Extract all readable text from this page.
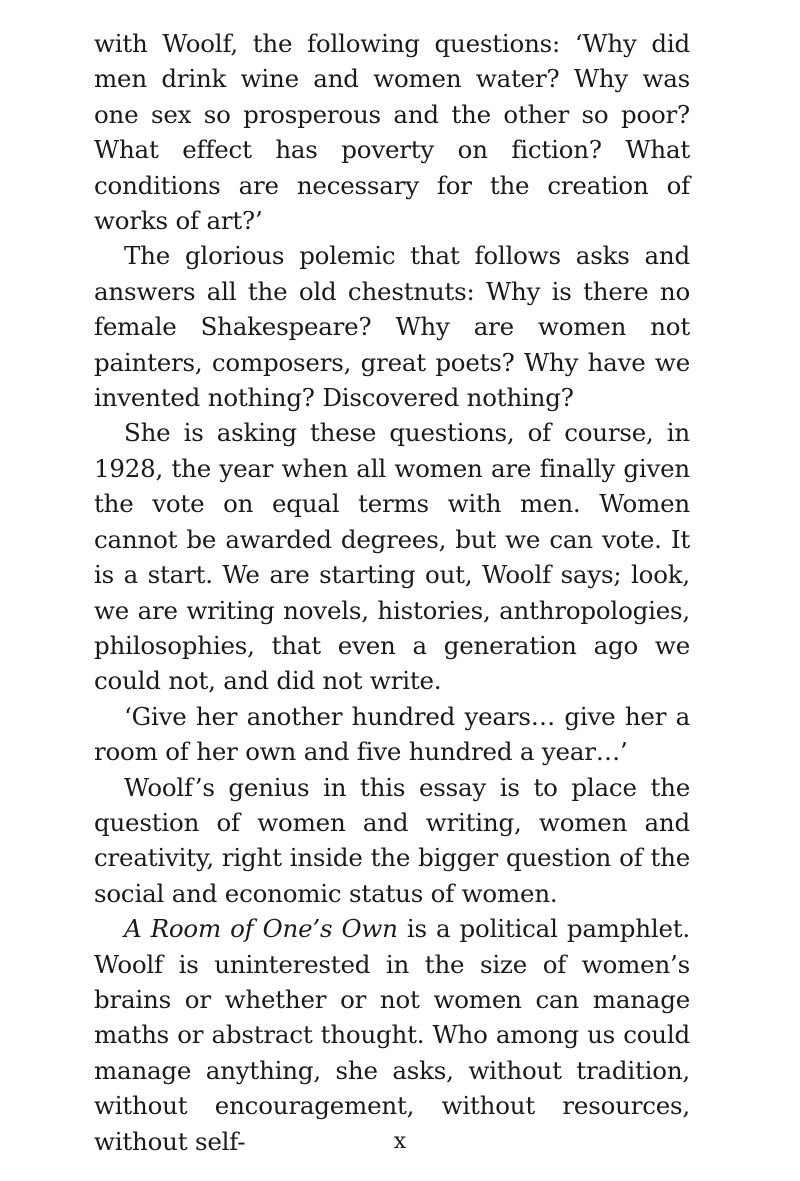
with Woolf, the following questions: ‘Why did men drink wine and women water? Why was one sex so prosperous and the other so poor? What effect has poverty on fiction? What conditions are necessary for the creation of works of art?’

The glorious polemic that follows asks and answers all the old chestnuts: Why is there no female Shakespeare? Why are women not painters, composers, great poets? Why have we invented nothing? Discovered nothing?

She is asking these questions, of course, in 1928, the year when all women are finally given the vote on equal terms with men. Women cannot be awarded degrees, but we can vote. It is a start. We are starting out, Woolf says; look, we are writing novels, histories, anthropologies, philosophies, that even a generation ago we could not, and did not write.

‘Give her another hundred years… give her a room of her own and five hundred a year…’

Woolf’s genius in this essay is to place the question of women and writing, women and creativity, right inside the bigger question of the social and economic status of women.

A Room of One’s Own is a political pamphlet. Woolf is uninterested in the size of women’s brains or whether or not women can manage maths or abstract thought. Who among us could manage anything, she asks, without tradition, without encouragement, without resources, without self-	x
